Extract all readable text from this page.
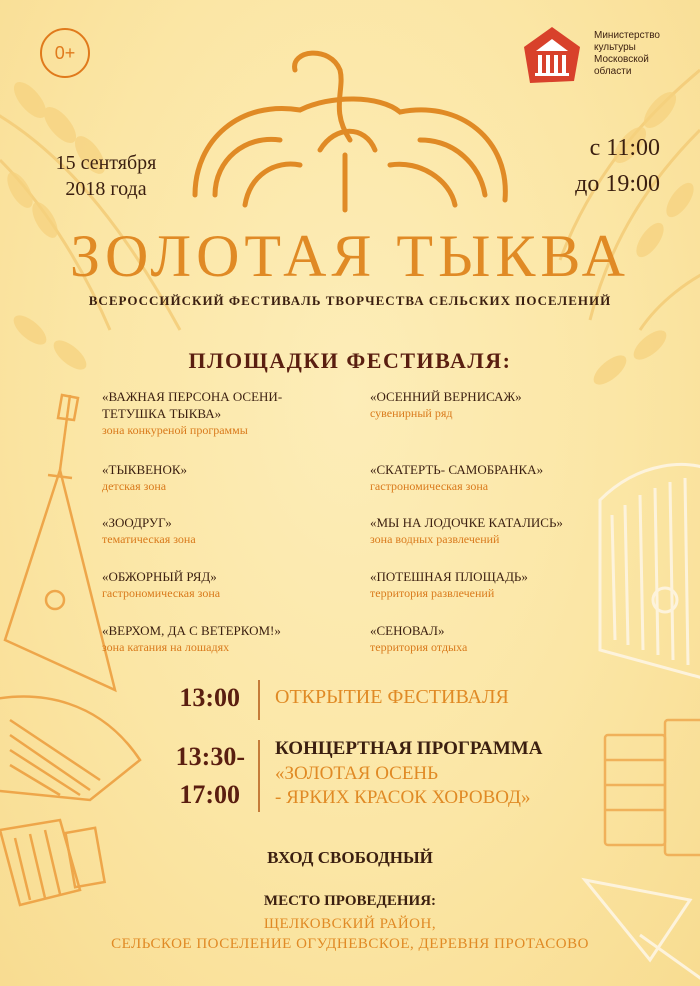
0+
Министерство культуры Московской области
15 сентября
2018 года
с 11:00
до 19:00
ЗОЛОТАЯ ТЫКВА
ВСЕРОССИЙСКИЙ ФЕСТИВАЛЬ ТВОРЧЕСТВА СЕЛЬСКИХ ПОСЕЛЕНИЙ
ПЛОЩАДКИ ФЕСТИВАЛЯ:
«ВАЖНАЯ ПЕРСОНА ОСЕНИ-
ТЕТУШКА ТЫКВА»
зона конкуреной программы
«ТЫКВЕНОК»
детская зона
«ЗООДРУГ»
тематическая зона
«ОБЖОРНЫЙ РЯД»
гастрономическая зона
«ВЕРХОМ, ДА С ВЕТЕРКОМ!»
зона катания на лошадях
«ОСЕННИЙ ВЕРНИСАЖ»
сувенирный ряд
«СКАТЕРТЬ- САМОБРАНКА»
гастрономическая зона
«МЫ НА ЛОДОЧКЕ КАТАЛИСЬ»
зона водных развлечений
«ПОТЕШНАЯ ПЛОЩАДЬ»
территория развлечений
«СЕНОВАЛ»
территория отдыха
13:00 ОТКРЫТИЕ ФЕСТИВАЛЯ
13:30-
17:00
КОНЦЕРТНАЯ ПРОГРАММА
«ЗОЛОТАЯ ОСЕНЬ
- ЯРКИХ КРАСОК ХОРОВОД»
ВХОД СВОБОДНЫЙ
МЕСТО ПРОВЕДЕНИЯ:
ЩЕЛКОВСКИЙ РАЙОН,
СЕЛЬСКОЕ ПОСЕЛЕНИЕ ОГУДНЕВСКОЕ, ДЕРЕВНЯ ПРОТАСОВО
